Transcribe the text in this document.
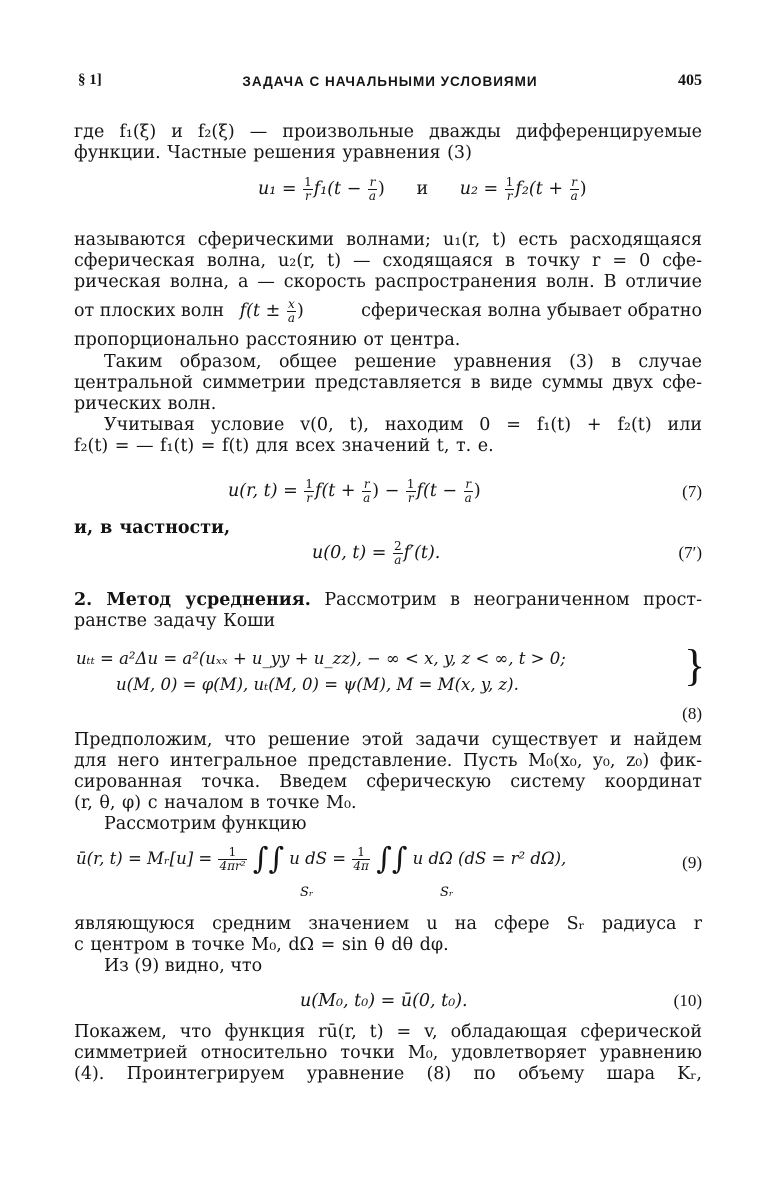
§ 1]	ЗАДАЧА С НАЧАЛЬНЫМИ УСЛОВИЯМИ	405
где f₁(ξ) и f₂(ξ) — произвольные дважды дифференцируемые
функции. Частные решения уравнения (3)
$u_1 = \frac{1}{r} f_1(t - \frac{r}{a}$ ) и $u_2 = \frac{1}{r} f_2(t + \frac{r}{a}$ )
называются сферическими волнами; u₁(r, t) есть расходящаяся
сферическая волна, u₂(r, t) — сходящаяся в точку r = 0 сфе-
рическая волна, a — скорость распространения волн. В отличие
от плоских волн $f(t \pm \frac{x}{a}$ )	сферическая волна убывает обратно
пропорционально расстоянию от центра.
Таким образом, общее решение уравнения (3) в случае
центральной симметрии представляется в виде суммы двух сфе-
рических волн.
Учитывая условие v(0, t), находим 0 = f₁(t) + f₂(t) или
f₂(t) = — f₁(t) = f(t) для всех значений t, т. е.
u(r, $t) = \frac{1}{r} f(t + \frac{r}{a}$ ) − $\frac{1}{r} f(t - \frac{r}{a}$ )	(7)
и, в частности,
u(0, $t) = \frac{2}{a} f'(t)$.	(7′)
2. Метод усреднения. Рассмотрим в неограниченном прост-
ранстве задачу Коши
uₜₜ = a²Δu = a²(uₓₓ + u_yy + u_zz), − ∞ < x, y, z < ∞, t > 0;
u(M, 0) = φ(M), uₜ(M, 0) = ψ(M), M = M(x, y, z).	}
(8)
Предположим, что решение этой задачи существует и найдем
для него интегральное представление. Пусть M₀(x₀, y₀, z₀) фик-
сированная точка. Введем сферическую систему координат
(r, θ, φ) с началом в точке M₀.
Рассмотрим функцию
ū(r, t) = Mᵣ[u] = $\frac{1}{\text{4πr²}}$ ∫∫ u dS = $\frac{1}{4\pi}$ ∫∫ u dΩ (dS = r² dΩ),
Sᵣ	Sᵣ
(9)
являющуюся средним значением u на сфере Sᵣ радиуса r
с центром в точке M₀, dΩ = sin θ dθ dφ.
Из (9) видно, что
u(M₀, t₀) = ū(0, t₀).	(10)
Покажем, что функция rū(r, t) = v, обладающая сферической
симметрией относительно точки M₀, удовлетворяет уравнению
(4). Проинтегрируем уравнение (8) по объему шара Kᵣ,
